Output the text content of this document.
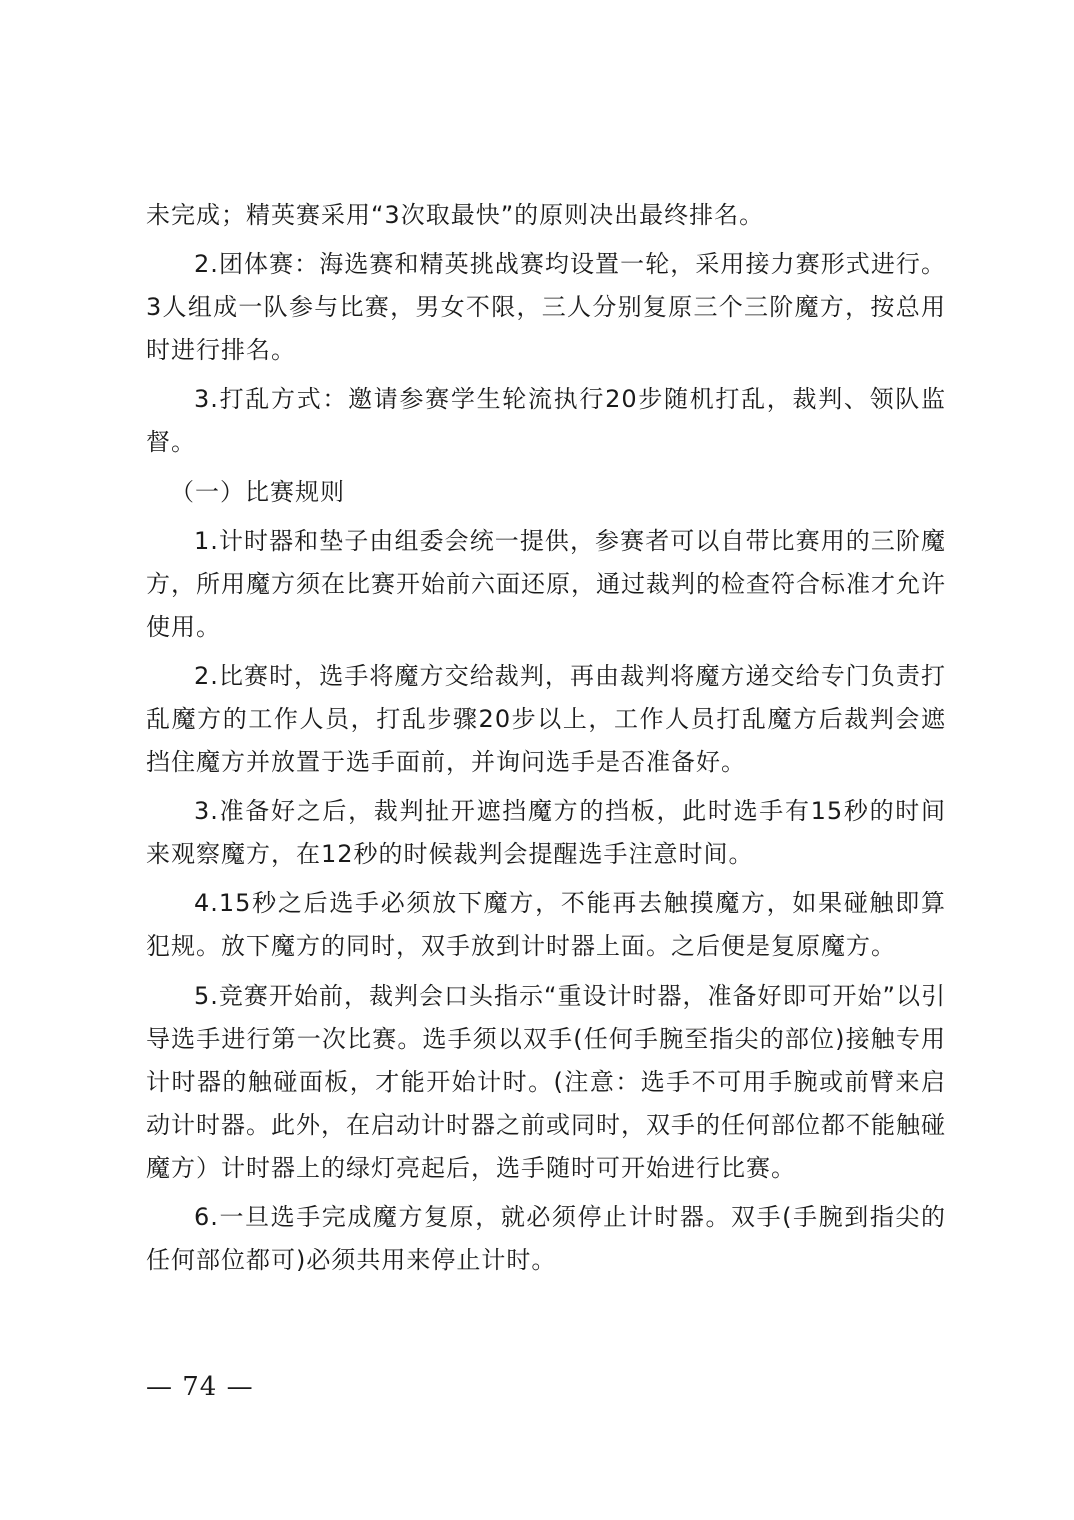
未完成；精英赛采用“3次取最快”的原则决出最终排名。

2.团体赛：海选赛和精英挑战赛均设置一轮，采用接力赛形式进行。3人组成一队参与比赛，男女不限，三人分别复原三个三阶魔方，按总用时进行排名。

3.打乱方式：邀请参赛学生轮流执行20步随机打乱，裁判、领队监督。

（一）比赛规则

1.计时器和垫子由组委会统一提供，参赛者可以自带比赛用的三阶魔方，所用魔方须在比赛开始前六面还原，通过裁判的检查符合标准才允许使用。

2.比赛时，选手将魔方交给裁判，再由裁判将魔方递交给专门负责打乱魔方的工作人员，打乱步骤20步以上，工作人员打乱魔方后裁判会遮挡住魔方并放置于选手面前，并询问选手是否准备好。

3.准备好之后，裁判扯开遮挡魔方的挡板，此时选手有15秒的时间来观察魔方，在12秒的时候裁判会提醒选手注意时间。

4.15秒之后选手必须放下魔方，不能再去触摸魔方，如果碰触即算犯规。放下魔方的同时，双手放到计时器上面。之后便是复原魔方。

5.竞赛开始前，裁判会口头指示“重设计时器，准备好即可开始”以引导选手进行第一次比赛。选手须以双手(任何手腕至指尖的部位)接触专用计时器的触碰面板，才能开始计时。(注意：选手不可用手腕或前臂来启动计时器。此外，在启动计时器之前或同时，双手的任何部位都不能触碰魔方）计时器上的绿灯亮起后，选手随时可开始进行比赛。

6.一旦选手完成魔方复原，就必须停止计时器。双手(手腕到指尖的任何部位都可)必须共用来停止计时。

— 74 —
